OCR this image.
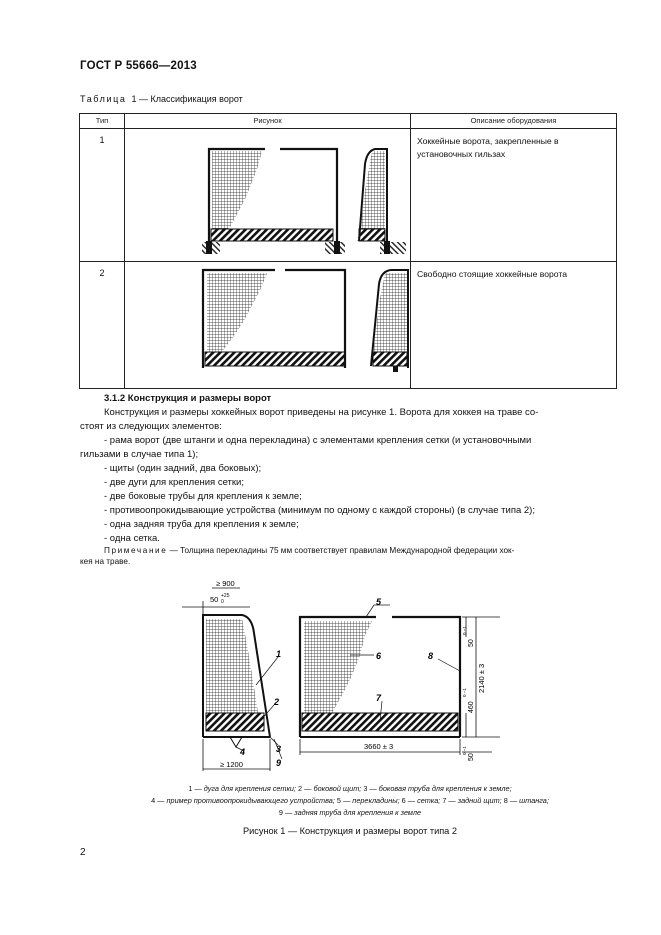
ГОСТ Р 55666—2013
Таблица 1 — Классификация ворот
Тип	Рисунок	Описание оборудования
1		Хоккейные ворота, закрепленные в установочных гильзах
2		Свободно стоящие хоккейные ворота
3.1.2 Конструкция и размеры ворот
Конструкция и размеры хоккейных ворот приведены на рисунке 1. Ворота для хоккея на траве со-
стоят из следующих элементов:
- рама ворот (две штанги и одна перекладина) с элементами крепления сетки (и установочными
гильзами в случае типа 1);
- щиты (один задний, два боковых);
- две дуги для крепления сетки;
- две боковые трубы для крепления к земле;
- противоопрокидывающие устройства (минимум по одному с каждой стороны) (в случае типа 2);
- одна задняя труба для крепления к земле;
- одна сетка.
Примечание — Толщина перекладины 75 мм соответствует правилам Международной федерации хок-
кея на траве.
≥ 900
50 +25
0
≥ 1200
1
2
3
4
9
2140 ± 3
50
0 −1
460
0 −1
3660 ± 3
50
0 −1
5
6
7
8
1 — дуга для крепления сетки; 2 — боковой щит; 3 — боковая труба для крепления к земле;
4 — пример противоопрокидывающего устройства; 5 — перекладины; 6 — сетка; 7 — задний щит; 8 — штанга;
9 — задняя труба для крепления к земле
Рисунок 1 — Конструкция и размеры ворот типа 2
2
